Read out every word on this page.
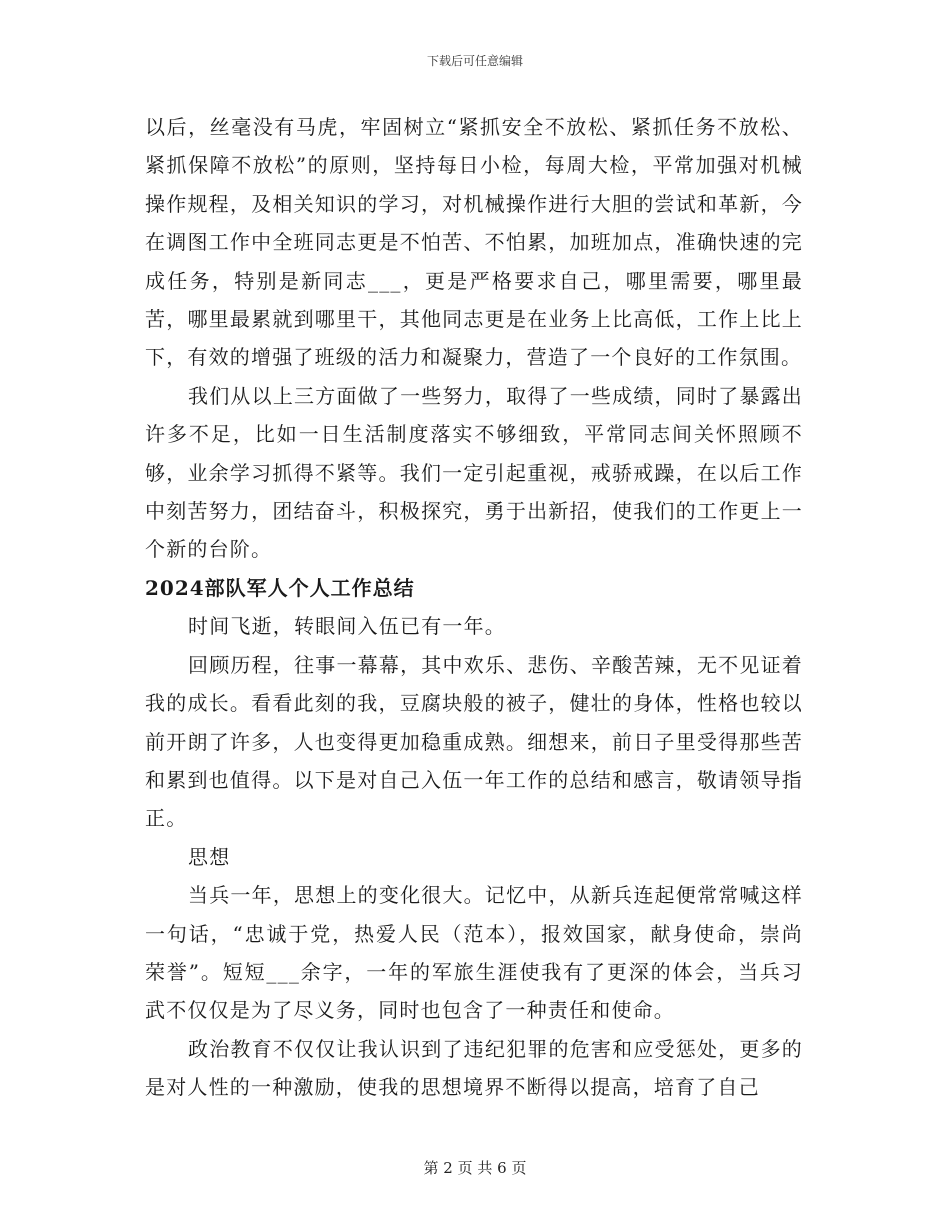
下载后可任意编辑

以后，丝毫没有马虎，牢固树立“紧抓安全不放松、紧抓任务不放松、紧抓保障不放松”的原则，坚持每日小检，每周大检，平常加强对机械操作规程，及相关知识的学习，对机械操作进行大胆的尝试和革新，今在调图工作中全班同志更是不怕苦、不怕累，加班加点，准确快速的完成任务，特别是新同志___，更是严格要求自己，哪里需要，哪里最苦，哪里最累就到哪里干，其他同志更是在业务上比高低，工作上比上下，有效的增强了班级的活力和凝聚力，营造了一个良好的工作氛围。

我们从以上三方面做了一些努力，取得了一些成绩，同时了暴露出许多不足，比如一日生活制度落实不够细致，平常同志间关怀照顾不够，业余学习抓得不紧等。我们一定引起重视，戒骄戒躁，在以后工作中刻苦努力，团结奋斗，积极探究，勇于出新招，使我们的工作更上一个新的台阶。

2024部队军人个人工作总结

时间飞逝，转眼间入伍已有一年。

回顾历程，往事一幕幕，其中欢乐、悲伤、辛酸苦辣，无不见证着我的成长。看看此刻的我，豆腐块般的被子，健壮的身体，性格也较以前开朗了许多，人也变得更加稳重成熟。细想来，前日子里受得那些苦和累到也值得。以下是对自己入伍一年工作的总结和感言，敬请领导指正。

思想

当兵一年，思想上的变化很大。记忆中，从新兵连起便常常喊这样一句话，“忠诚于党，热爱人民（范本），报效国家，献身使命，崇尚荣誉”。短短___余字，一年的军旅生涯使我有了更深的体会，当兵习武不仅仅是为了尽义务，同时也包含了一种责任和使命。

政治教育不仅仅让我认识到了违纪犯罪的危害和应受惩处，更多的是对人性的一种激励，使我的思想境界不断得以提高，培育了自己

第 2 页 共 6 页
